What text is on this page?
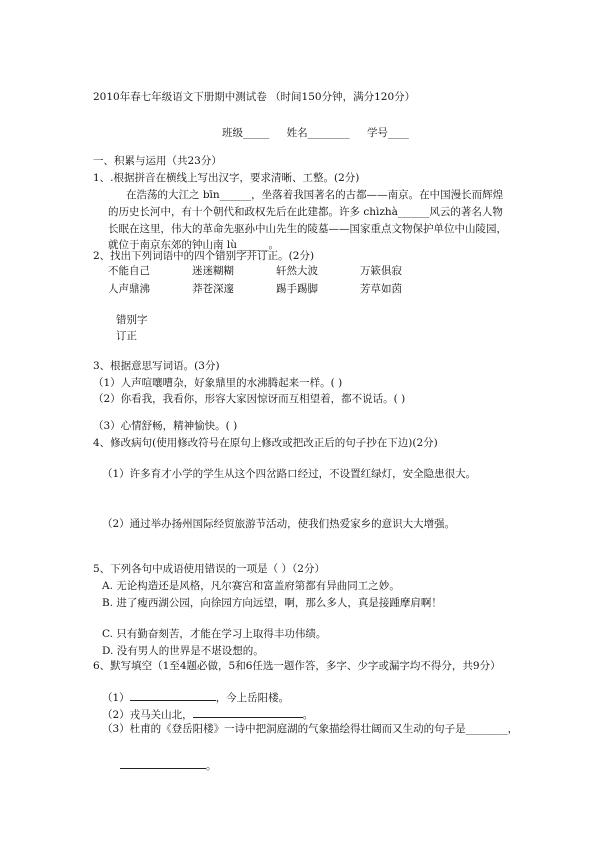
2010年春七年级语文下册期中测试卷 （时间150分钟，满分120分）
班级_____ 姓名________ 学号____
一、积累与运用（共23分）
1、.根据拼音在横线上写出汉字，要求清晰、工整。(2分)
在浩荡的大江之 bīn______，坐落着我国著名的古都——南京。在中国漫长而辉煌
的历史长河中，有十个朝代和政权先后在此建都。许多 chìzhà______风云的著名人物
长眠在这里，伟大的革命先驱孙中山先生的陵墓——国家重点文物保护单位中山陵园，
就位于南京东郊的钟山南 lù______。
2、找出下列词语中的四个错别字并订正。(2分)
不能自己	迷迷糊糊	轩然大波	万簌俱寂
人声鼎沸	莽苍深邃	踢手踢脚	芳草如茵
错别字
订正
3、根据意思写词语。(3分)
（1）人声喧嚷嘈杂，好象鼎里的水沸腾起来一样。( )
（2）你看我，我看你，形容大家因惊讶而互相望着，都不说话。( )
（3）心情舒畅，精神愉快。( )
4、修改病句(使用修改符号在原句上修改或把改正后的句子抄在下边)(2分)
（1）许多育才小学的学生从这个四岔路口经过，不设置红绿灯，安全隐患很大。
（2）通过举办扬州国际经贸旅游节活动，使我们热爱家乡的意识大大增强。
5、下列各句中成语使用错误的一项是（ ）（2分）
A. 无论构造还是风格，凡尔赛宫和富盖府第都有异曲同工之妙。
B. 进了瘦西湖公园，向徐园方向远望，啊，那么多人，真是接踵摩肩啊！
C. 只有勤奋刻苦，才能在学习上取得丰功伟绩。
D. 没有男人的世界是不堪设想的。
6、默写填空（1至4题必做，5和6任选一题作答，多字、少字或漏字均不得分，共9分）
（1）	，今上岳阳楼。
（2）戎马关山北，	。
（3）杜甫的《登岳阳楼》一诗中把洞庭湖的气象描绘得壮阔而又生动的句子是________，
。
